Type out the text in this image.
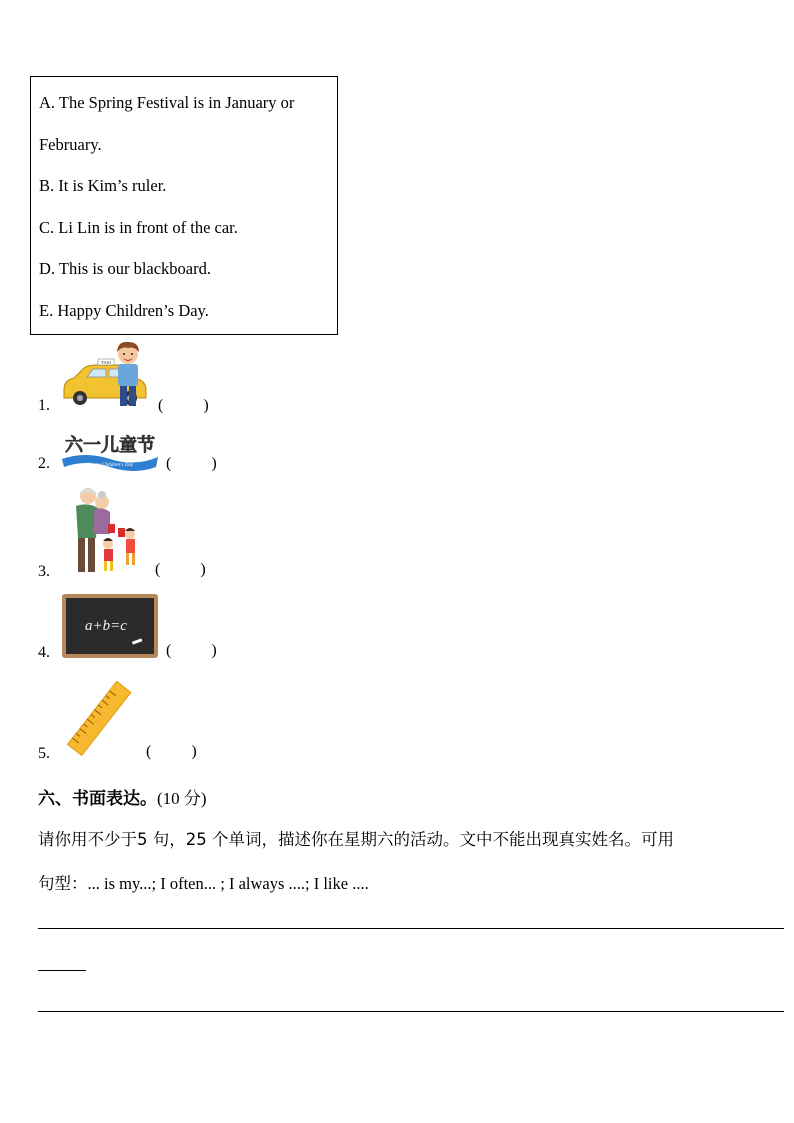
A. The Spring Festival is in January or
February.
B. It is Kim’s ruler.
C. Li Lin is in front of the car.
D. This is our blackboard.
E. Happy Children’s Day.
1.
TAXI
(          )
2.	Happy Children's Day
六一儿童节
(          )
3.	(          )
4.
a+b=c
(          )
5.	(          )
六、书面表达。(10 分)
请你用不少于5 句，25 个单词，描述你在星期六的活动。文中不能出现真实姓名。可用
句型：... is my...; I often... ; I always ....; I like ....
